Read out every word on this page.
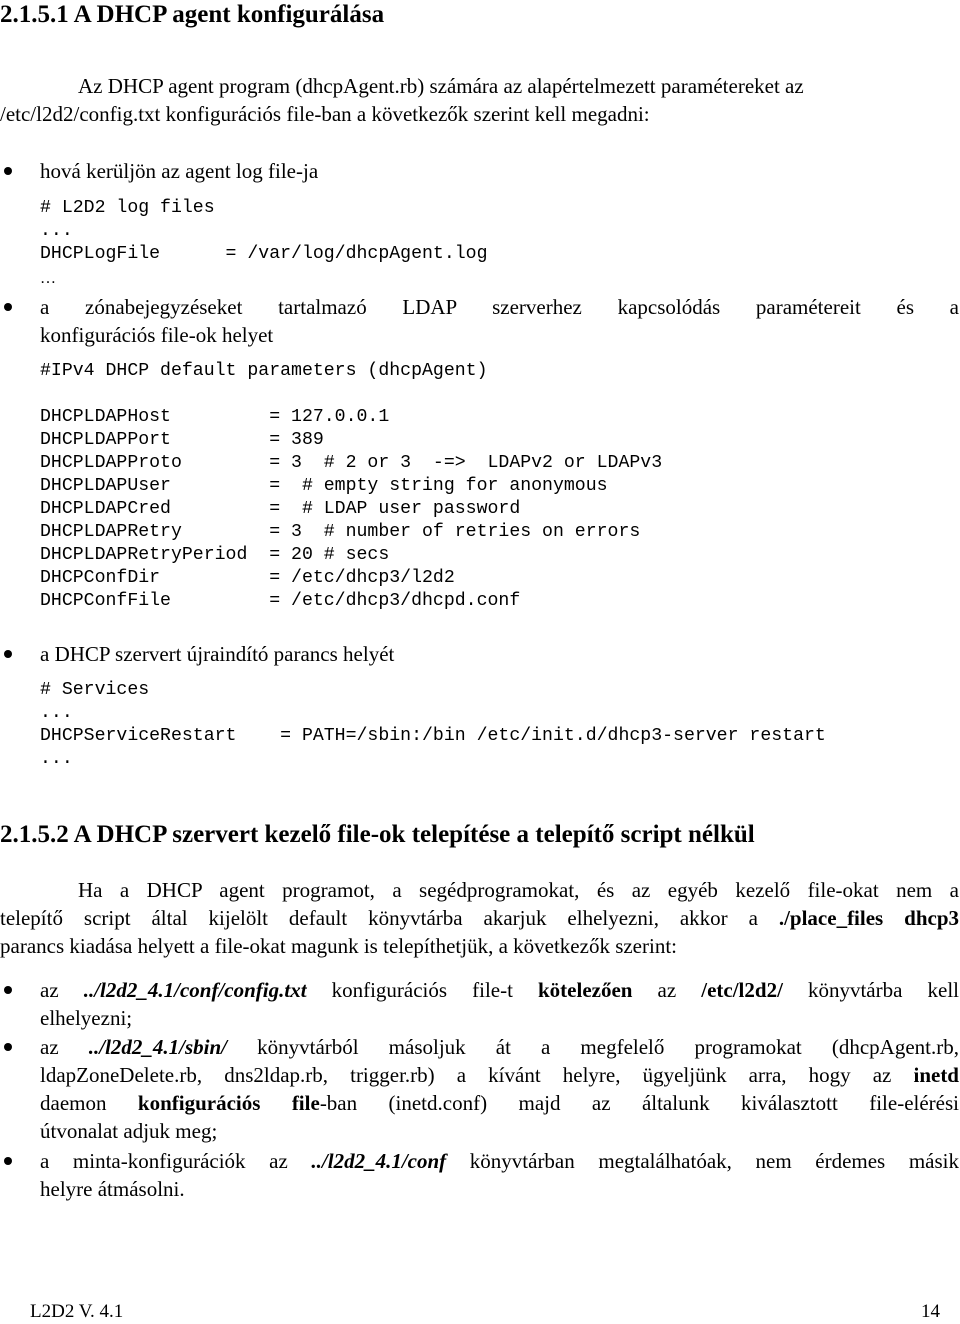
2.1.5.1 A DHCP agent konfigurálása
Az DHCP agent program (dhcpAgent.rb) számára az alapértelmezett paramétereket az
/etc/l2d2/config.txt konfigurációs file-ban a következők szerint kell megadni:
hová kerüljön az agent log file-ja
# L2D2 log files
...
DHCPLogFile      = /var/log/dhcpAgent.log
…
a zónabejegyzéseket tartalmazó LDAP szerverhez kapcsolódás paramétereit és a
konfigurációs file-ok helyet
#IPv4 DHCP default parameters (dhcpAgent)
DHCPLDAPHost         = 127.0.0.1
DHCPLDAPPort         = 389
DHCPLDAPProto        = 3  # 2 or 3  -=>  LDAPv2 or LDAPv3
DHCPLDAPUser         =  # empty string for anonymous
DHCPLDAPCred         =  # LDAP user password
DHCPLDAPRetry        = 3  # number of retries on errors
DHCPLDAPRetryPeriod  = 20 # secs
DHCPConfDir          = /etc/dhcp3/l2d2
DHCPConfFile         = /etc/dhcp3/dhcpd.conf
a DHCP szervert újraindító parancs helyét
# Services
...
DHCPServiceRestart    = PATH=/sbin:/bin /etc/init.d/dhcp3-server restart
...
2.1.5.2 A DHCP szervert kezelő file-ok telepítése a telepítő script nélkül
Ha a DHCP agent programot, a segédprogramokat, és az egyéb kezelő file-okat nem a
telepítő script által kijelölt default könyvtárba akarjuk elhelyezni, akkor a ./place_files dhcp3
parancs kiadása helyett a file-okat magunk is telepíthetjük, a következők szerint:
az ../l2d2_4.1/conf/config.txt konfigurációs file-t kötelezően az /etc/l2d2/ könyvtárba kell
elhelyezni;
az ../l2d2_4.1/sbin/ könyvtárból másoljuk át a megfelelő programokat (dhcpAgent.rb,
ldapZoneDelete.rb, dns2ldap.rb, trigger.rb) a kívánt helyre, ügyeljünk arra, hogy az inetd
daemon konfigurációs file-ban (inetd.conf) majd az általunk kiválasztott file-elérési
útvonalat adjuk meg;
a minta-konfigurációk az ../l2d2_4.1/conf könyvtárban megtalálhatóak, nem érdemes másik
helyre átmásolni.
L2D2 V. 4.1	14
